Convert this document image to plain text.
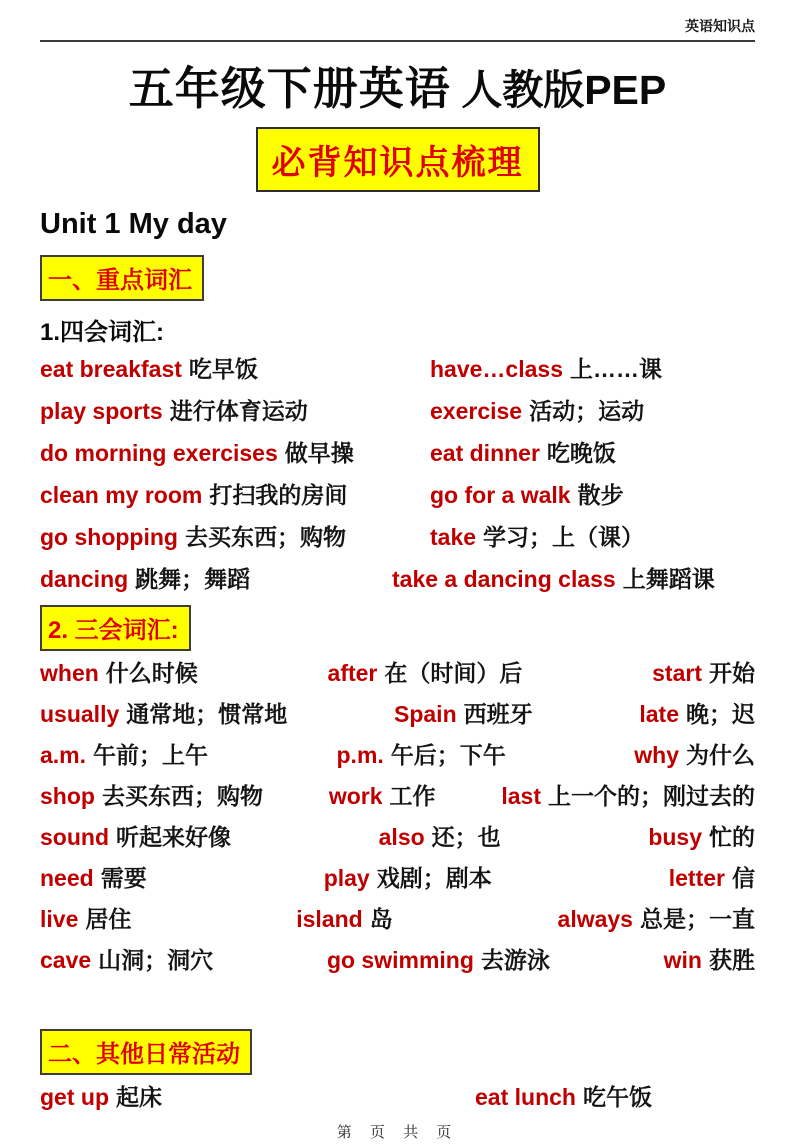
英语知识点
五年级下册英语 人教版PEP
必背知识点梳理
Unit 1 My day
一、重点词汇
1.四会词汇:
eat breakfast 吃早饭	have…class 上……课
play sports 进行体育运动	exercise 活动；运动
do morning exercises 做早操	eat dinner 吃晚饭
clean my room 打扫我的房间	go for a walk 散步
go shopping 去买东西；购物	take 学习；上（课）
dancing 跳舞；舞蹈	take a dancing class 上舞蹈课
2. 三会词汇:
when 什么时候	after 在（时间）后	start 开始
usually 通常地；惯常地	Spain 西班牙	late 晚；迟
a.m. 午前；上午	p.m. 午后；下午	why 为什么
shop 去买东西；购物	work 工作	last 上一个的；刚过去的
sound 听起来好像	also 还；也	busy 忙的
need 需要	play 戏剧；剧本	letter 信
live 居住	island 岛	always 总是；一直
cave 山洞；洞穴	go swimming 去游泳	win 获胜
二、其他日常活动
get up 起床	eat lunch 吃午饭
第 页 共 页
